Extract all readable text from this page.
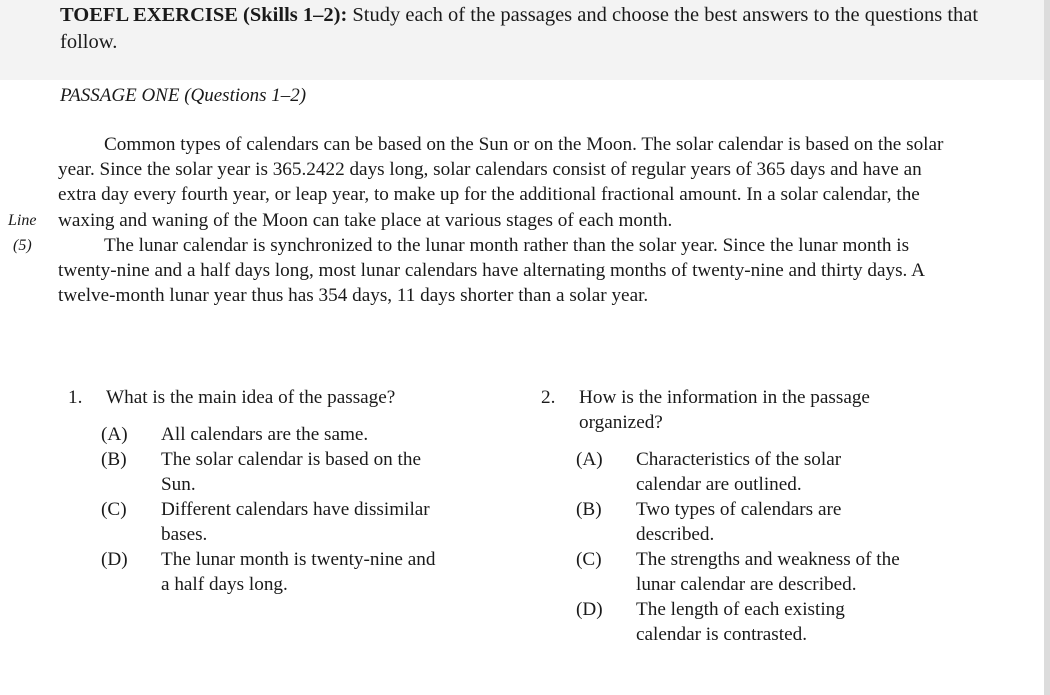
TOEFL EXERCISE (Skills 1–2): Study each of the passages and choose the best answers to the questions that follow.
PASSAGE ONE (Questions 1–2)
Line
(5)

Common types of calendars can be based on the Sun or on the Moon. The solar calendar is based on the solar year. Since the solar year is 365.2422 days long, solar calendars consist of regular years of 365 days and have an extra day every fourth year, or leap year, to make up for the additional fractional amount. In a solar calendar, the waxing and waning of the Moon can take place at various stages of each month.

The lunar calendar is synchronized to the lunar month rather than the solar year. Since the lunar month is twenty-nine and a half days long, most lunar calendars have alternating months of twenty-nine and thirty days. A twelve-month lunar year thus has 354 days, 11 days shorter than a solar year.

1. What is the main idea of the passage?
(A) All calendars are the same.
(B) The solar calendar is based on the Sun.
(C) Different calendars have dissimilar bases.
(D) The lunar month is twenty-nine and a half days long.
2. How is the information in the passage organized?
(A) Characteristics of the solar calendar are outlined.
(B) Two types of calendars are described.
(C) The strengths and weakness of the lunar calendar are described.
(D) The length of each existing calendar is contrasted.
